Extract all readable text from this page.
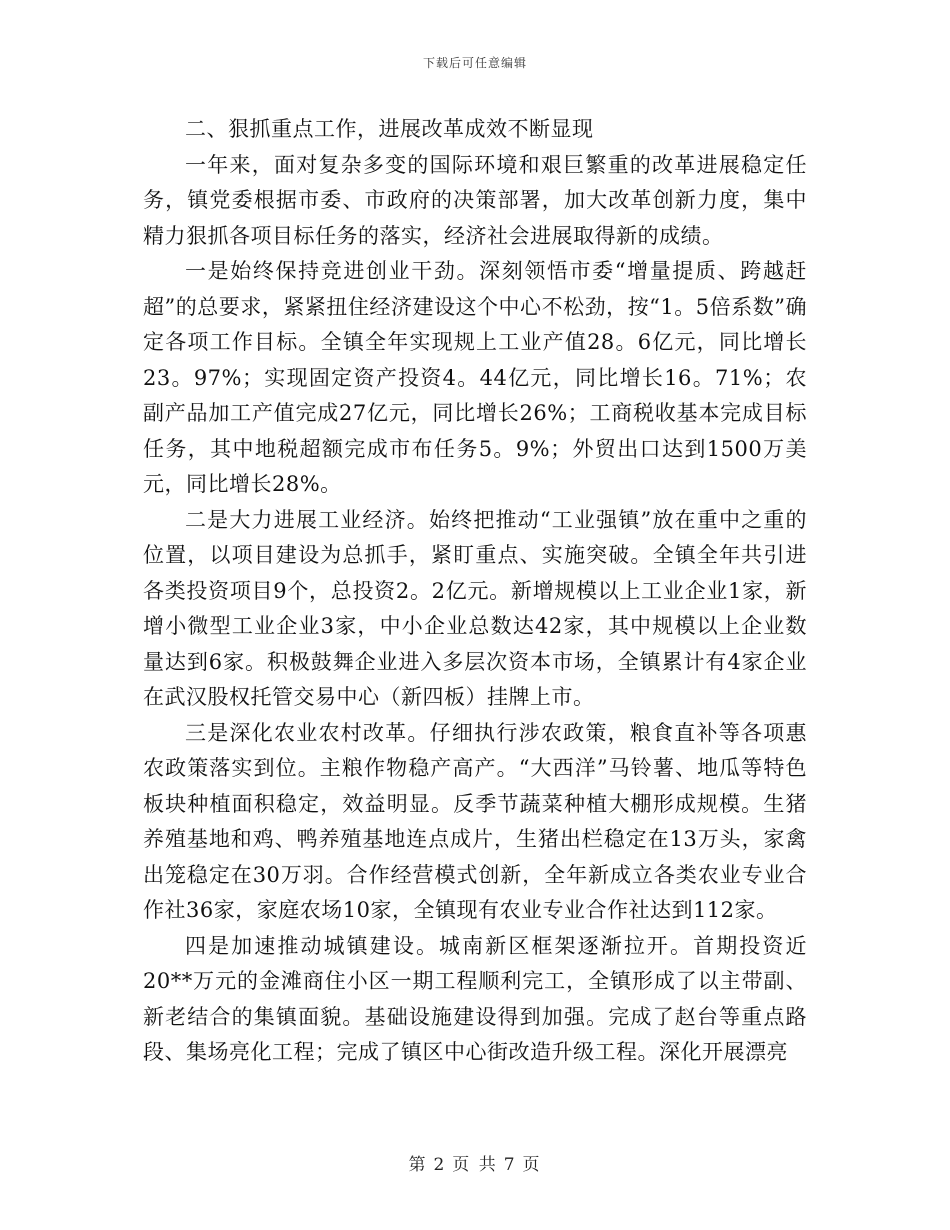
下载后可任意编辑

二、狠抓重点工作，进展改革成效不断显现

一年来，面对复杂多变的国际环境和艰巨繁重的改革进展稳定任务，镇党委根据市委、市政府的决策部署，加大改革创新力度，集中精力狠抓各项目标任务的落实，经济社会进展取得新的成绩。

一是始终保持竞进创业干劲。深刻领悟市委“增量提质、跨越赶超”的总要求，紧紧扭住经济建设这个中心不松劲，按“1。5倍系数”确定各项工作目标。全镇全年实现规上工业产值28。6亿元，同比增长23。97%；实现固定资产投资4。44亿元，同比增长16。71%；农副产品加工产值完成27亿元，同比增长26%；工商税收基本完成目标任务，其中地税超额完成市布任务5。9%；外贸出口达到1500万美元，同比增长28%。

二是大力进展工业经济。始终把推动“工业强镇”放在重中之重的位置，以项目建设为总抓手，紧盯重点、实施突破。全镇全年共引进各类投资项目9个，总投资2。2亿元。新增规模以上工业企业1家，新增小微型工业企业3家，中小企业总数达42家，其中规模以上企业数量达到6家。积极鼓舞企业进入多层次资本市场，全镇累计有4家企业在武汉股权托管交易中心（新四板）挂牌上市。

三是深化农业农村改革。仔细执行涉农政策，粮食直补等各项惠农政策落实到位。主粮作物稳产高产。“大西洋”马铃薯、地瓜等特色板块种植面积稳定，效益明显。反季节蔬菜种植大棚形成规模。生猪养殖基地和鸡、鸭养殖基地连点成片，生猪出栏稳定在13万头，家禽出笼稳定在30万羽。合作经营模式创新，全年新成立各类农业专业合作社36家，家庭农场10家，全镇现有农业专业合作社达到112家。

四是加速推动城镇建设。城南新区框架逐渐拉开。首期投资近20**万元的金滩商住小区一期工程顺利完工，全镇形成了以主带副、新老结合的集镇面貌。基础设施建设得到加强。完成了赵台等重点路段、集场亮化工程；完成了镇区中心街改造升级工程。深化开展漂亮

第 2 页 共 7 页
